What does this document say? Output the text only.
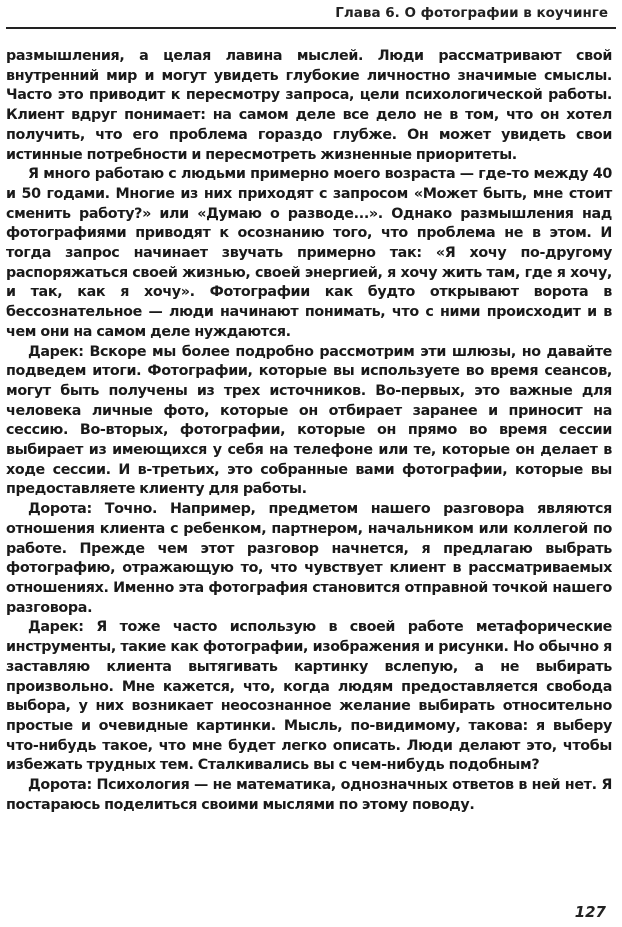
Глава 6. О фотографии в коучинге

размышления, а целая лавина мыслей. Люди рассматривают свой внутренний мир и могут увидеть глубокие личностно значимые смыслы. Часто это приводит к пересмотру запроса, цели психологической работы. Клиент вдруг понимает: на самом деле все дело не в том, что он хотел получить, что его проблема гораздо глубже. Он может увидеть свои истинные потребности и пересмотреть жизненные приоритеты.

Я много работаю с людьми примерно моего возраста — где-то между 40 и 50 годами. Многие из них приходят с запросом «Может быть, мне стоит сменить работу?» или «Думаю о разводе...». Однако размышления над фотографиями приводят к осознанию того, что проблема не в этом. И тогда запрос начинает звучать примерно так: «Я хочу по-другому распоряжаться своей жизнью, своей энергией, я хочу жить там, где я хочу, и так, как я хочу». Фотографии как будто открывают ворота в бессознательное — люди начинают понимать, что с ними происходит и в чем они на самом деле нуждаются.

Дарек: Вскоре мы более подробно рассмотрим эти шлюзы, но давайте подведем итоги. Фотографии, которые вы используете во время сеансов, могут быть получены из трех источников. Во-первых, это важные для человека личные фото, которые он отбирает заранее и приносит на сессию. Во-вторых, фотографии, которые он прямо во время сессии выбирает из имеющихся у себя на телефоне или те, которые он делает в ходе сессии. И в-третьих, это собранные вами фотографии, которые вы предоставляете клиенту для работы.

Дорота: Точно. Например, предметом нашего разговора являются отношения клиента с ребенком, партнером, начальником или коллегой по работе. Прежде чем этот разговор начнется, я предлагаю выбрать фотографию, отражающую то, что чувствует клиент в рассматриваемых отношениях. Именно эта фотография становится отправной точкой нашего разговора.

Дарек: Я тоже часто использую в своей работе метафорические инструменты, такие как фотографии, изображения и рисунки. Но обычно я заставляю клиента вытягивать картинку вслепую, а не выбирать произвольно. Мне кажется, что, когда людям предоставляется свобода выбора, у них возникает неосознанное желание выбирать относительно простые и очевидные картинки. Мысль, по-видимому, такова: я выберу что-нибудь такое, что мне будет легко описать. Люди делают это, чтобы избежать трудных тем. Сталкивались вы с чем-нибудь подобным?

Дорота: Психология — не математика, однозначных ответов в ней нет. Я постараюсь поделиться своими мыслями по этому поводу.

127
